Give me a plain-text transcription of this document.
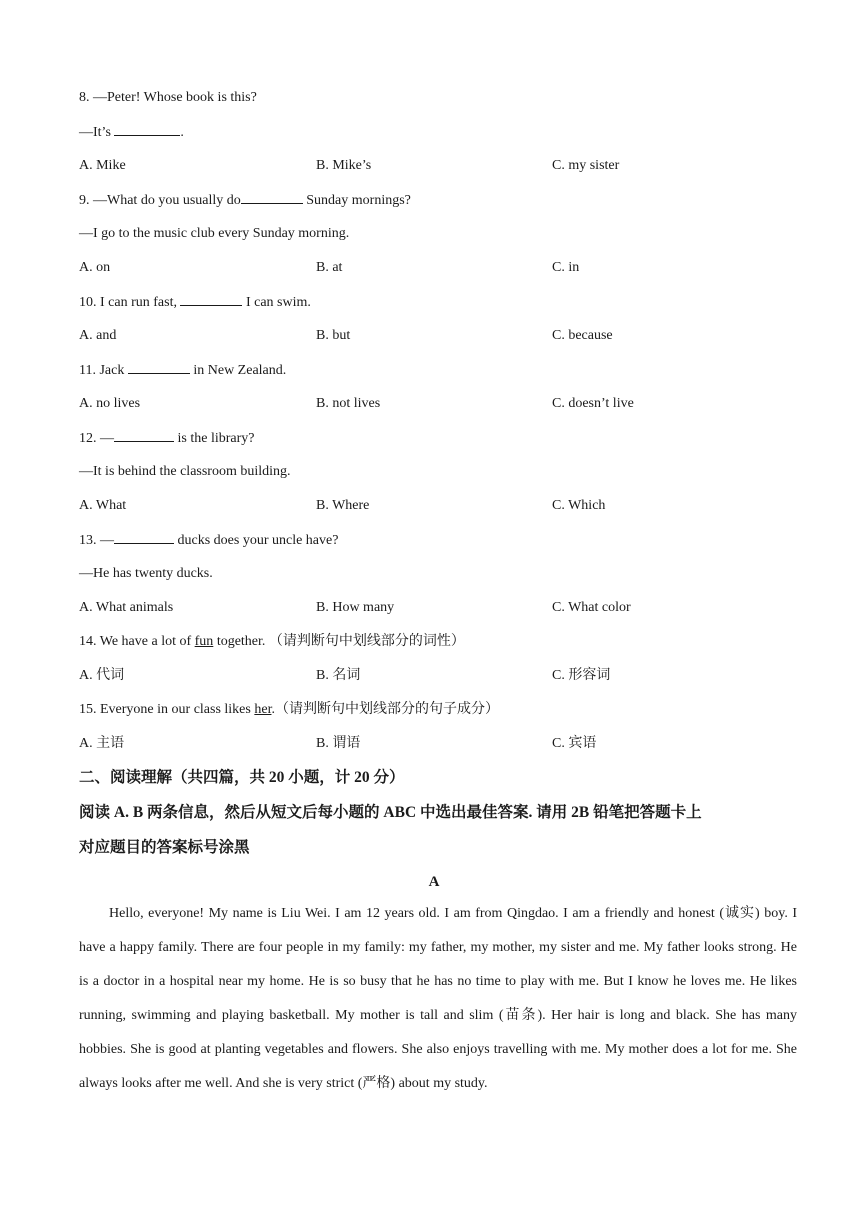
8. —Peter! Whose book is this?
—It’s	.
A. Mike	B. Mike’s	C. my sister
9. —What do you usually do	Sunday mornings?
—I go to the music club every Sunday morning.
A. on	B. at	C. in
10. I can run fast,	I can swim.
A. and	B. but	C. because
11. Jack	in New Zealand.
A. no lives	B. not lives	C. doesn’t live
12. —	is the library?
—It is behind the classroom building.
A. What	B. Where	C. Which
13. —	ducks does your uncle have?
—He has twenty ducks.
A. What animals	B. How many	C. What color
14. We have a lot of fun together. （请判断句中划线部分的词性）
A. 代词	B. 名词	C. 形容词
15. Everyone in our class likes her.（请判断句中划线部分的句子成分）
A. 主语	B. 谓语	C. 宾语
二、阅读理解（共四篇，共 20 小题，计 20 分）
阅读 A. B 两条信息，然后从短文后每小题的 ABC 中选出最佳答案. 请用 2B 铅笔把答题卡上
对应题目的答案标号涂黑
A

Hello, everyone! My name is Liu Wei. I am 12 years old. I am from Qingdao. I am a friendly and honest (诚实) boy. I have a happy family. There are four people in my family: my father, my mother, my sister and me. My father looks strong. He is a doctor in a hospital near my home. He is so busy that he has no time to play with me. But I know he loves me. He likes running, swimming and playing basketball. My mother is tall and slim (苗条). Her hair is long and black. She has many hobbies. She is good at planting vegetables and flowers. She also enjoys travelling with me. My mother does a lot for me. She always looks after me well. And she is very strict (严格) about my study.
